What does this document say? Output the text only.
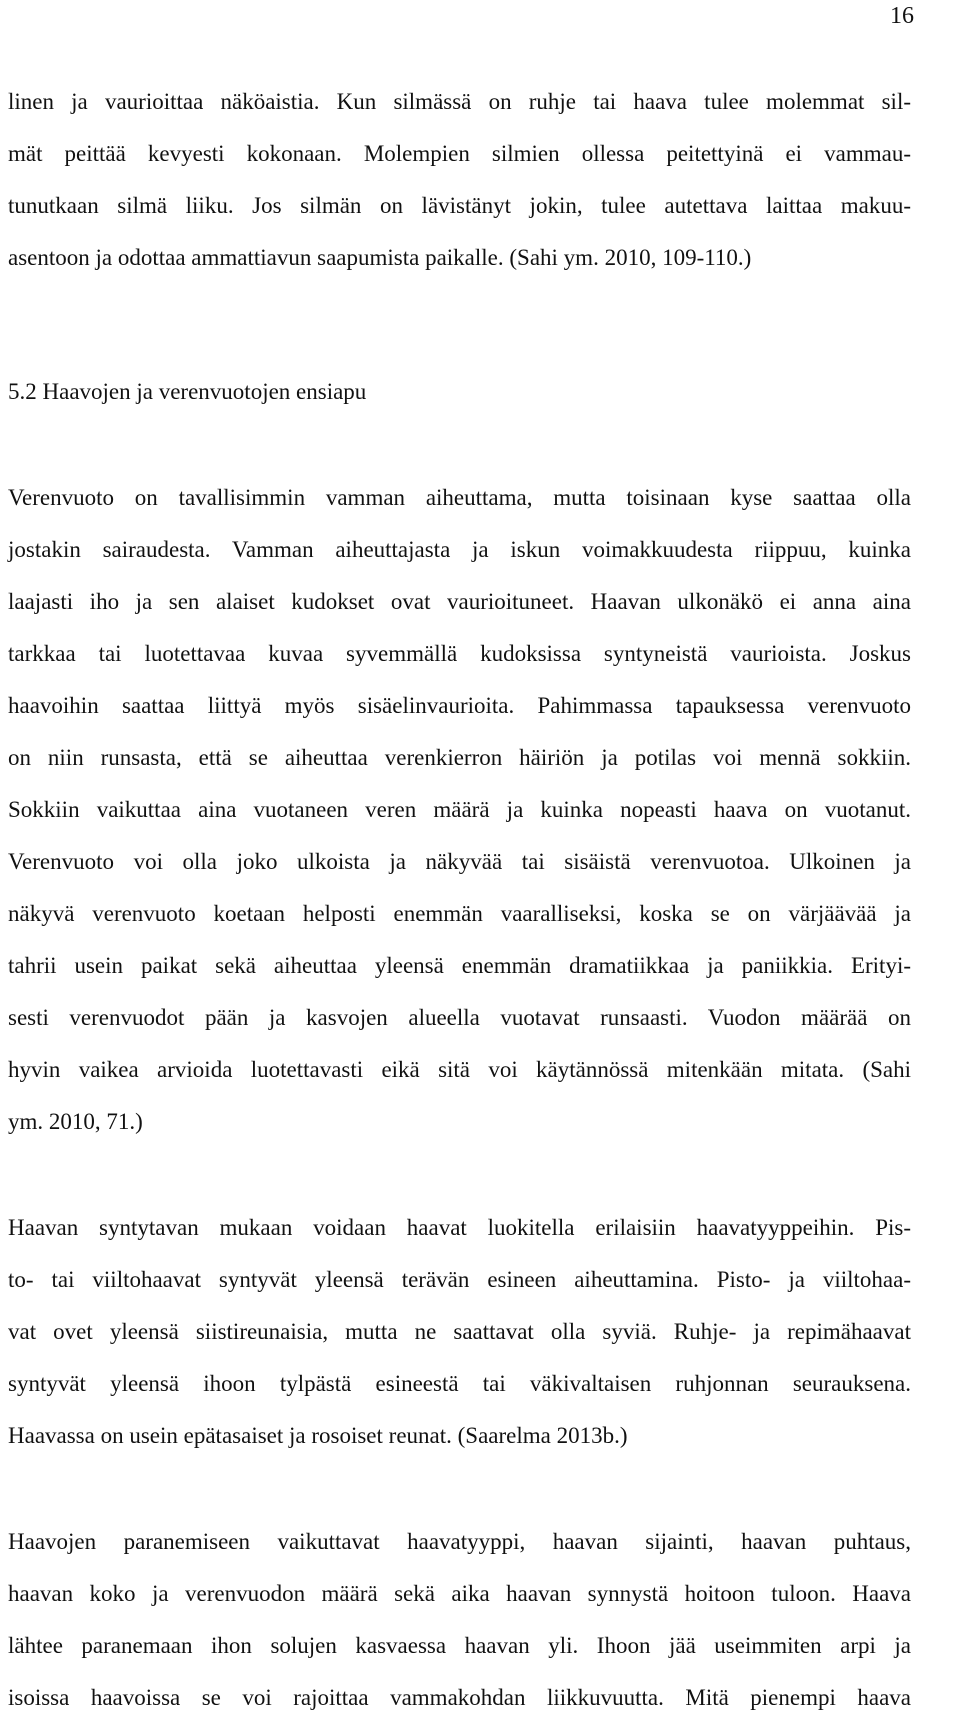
16
linen ja vaurioittaa näköaistia. Kun silmässä on ruhje tai haava tulee molemmat sil-
mät peittää kevyesti kokonaan. Molempien silmien ollessa peitettyinä ei vammau-
tunutkaan silmä liiku. Jos silmän on lävistänyt jokin, tulee autettava laittaa makuu-
asentoon ja odottaa ammattiavun saapumista paikalle. (Sahi ym. 2010, 109-110.)
5.2 Haavojen ja verenvuotojen ensiapu
Verenvuoto on tavallisimmin vamman aiheuttama, mutta toisinaan kyse saattaa olla
jostakin sairaudesta. Vamman aiheuttajasta ja iskun voimakkuudesta riippuu, kuinka
laajasti iho ja sen alaiset kudokset ovat vaurioituneet. Haavan ulkonäkö ei anna aina
tarkkaa tai luotettavaa kuvaa syvemmällä kudoksissa syntyneistä vaurioista. Joskus
haavoihin saattaa liittyä myös sisäelinvaurioita. Pahimmassa tapauksessa verenvuoto
on niin runsasta, että se aiheuttaa verenkierron häiriön ja potilas voi mennä sokkiin.
Sokkiin vaikuttaa aina vuotaneen veren määrä ja kuinka nopeasti haava on vuotanut.
Verenvuoto voi olla joko ulkoista ja näkyvää tai sisäistä verenvuotoa. Ulkoinen ja
näkyvä verenvuoto koetaan helposti enemmän vaaralliseksi, koska se on värjäävää ja
tahrii usein paikat sekä aiheuttaa yleensä enemmän dramatiikkaa ja paniikkia. Erityi-
sesti verenvuodot pään ja kasvojen alueella vuotavat runsaasti. Vuodon määrää on
hyvin vaikea arvioida luotettavasti eikä sitä voi käytännössä mitenkään mitata. (Sahi
ym. 2010, 71.)
Haavan syntytavan mukaan voidaan haavat luokitella erilaisiin haavatyyppeihin. Pis-
to- tai viiltohaavat syntyvät yleensä terävän esineen aiheuttamina. Pisto- ja viiltohaa-
vat ovet yleensä siistireunaisia, mutta ne saattavat olla syviä. Ruhje- ja repimähaavat
syntyvät yleensä ihoon tylpästä esineestä tai väkivaltaisen ruhjonnan seurauksena.
Haavassa on usein epätasaiset ja rosoiset reunat. (Saarelma 2013b.)
Haavojen paranemiseen vaikuttavat haavatyyppi, haavan sijainti, haavan puhtaus,
haavan koko ja verenvuodon määrä sekä aika haavan synnystä hoitoon tuloon. Haava
lähtee paranemaan ihon solujen kasvaessa haavan yli. Ihoon jää useimmiten arpi ja
isoissa haavoissa se voi rajoittaa vammakohdan liikkuvuutta. Mitä pienempi haava
